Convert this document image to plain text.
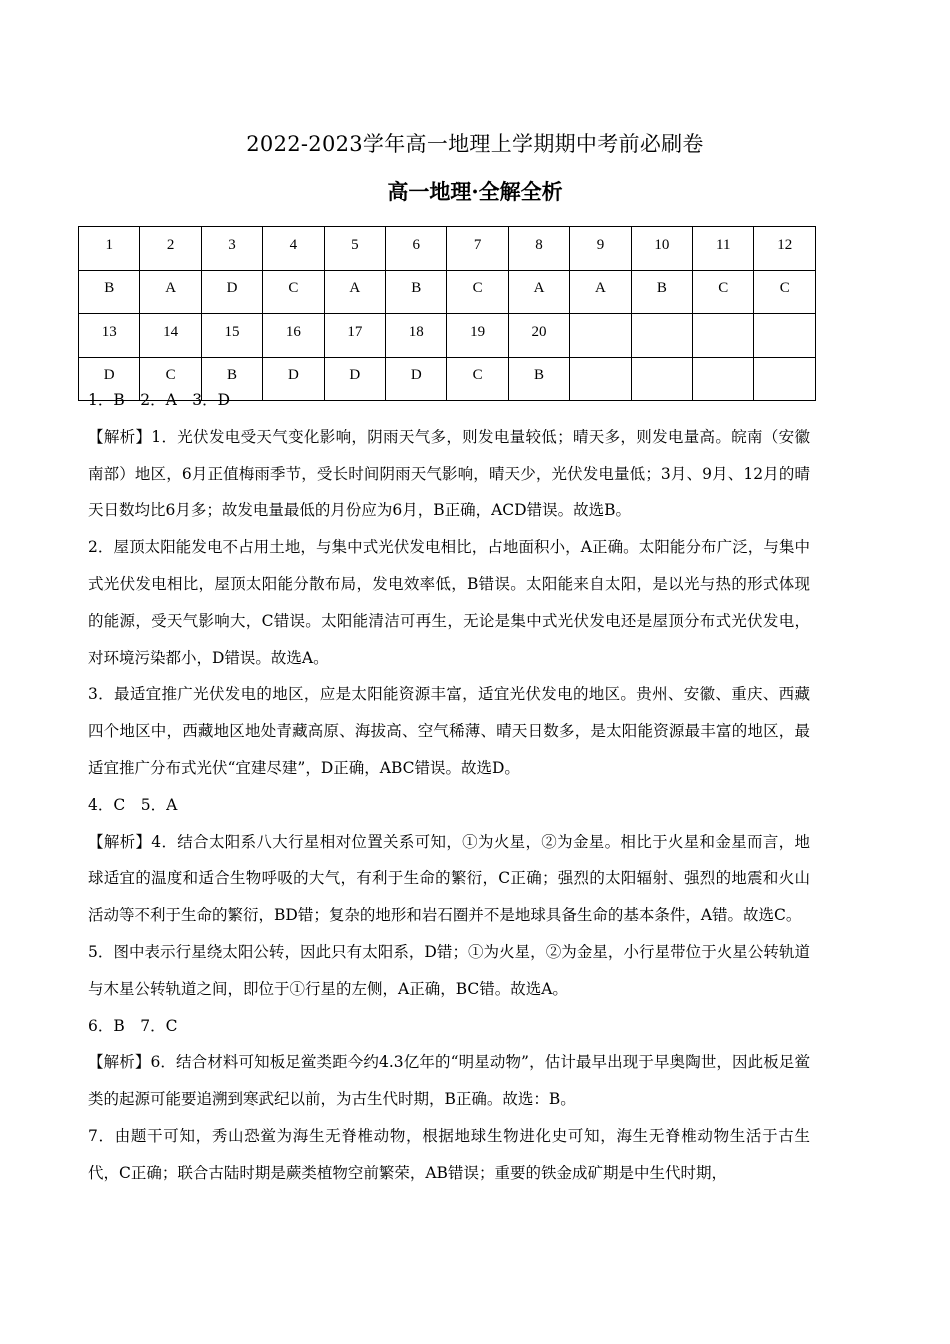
2022-2023学年高一地理上学期期中考前必刷卷
高一地理·全解全析
1	2	3	4	5	6	7	8	9	10	11	12
B	A	D	C	A	B	C	A	A	B	C	C
13	14	15	16	17	18	19	20				
D	C	B	D	D	D	C	B				

1．B　2．A　3．D

【解析】1．光伏发电受天气变化影响，阴雨天气多，则发电量较低；晴天多，则发电量高。皖南（安徽南部）地区，6月正值梅雨季节，受长时间阴雨天气影响，晴天少，光伏发电量低；3月、9月、12月的晴天日数均比6月多；故发电量最低的月份应为6月，B正确，ACD错误。故选B。

2．屋顶太阳能发电不占用土地，与集中式光伏发电相比，占地面积小，A正确。太阳能分布广泛，与集中式光伏发电相比，屋顶太阳能分散布局，发电效率低，B错误。太阳能来自太阳，是以光与热的形式体现的能源，受天气影响大，C错误。太阳能清洁可再生，无论是集中式光伏发电还是屋顶分布式光伏发电，对环境污染都小，D错误。故选A。

3．最适宜推广光伏发电的地区，应是太阳能资源丰富，适宜光伏发电的地区。贵州、安徽、重庆、西藏四个地区中，西藏地区地处青藏高原、海拔高、空气稀薄、晴天日数多，是太阳能资源最丰富的地区，最适宜推广分布式光伏“宜建尽建”，D正确，ABC错误。故选D。

4．C　5．A

【解析】4．结合太阳系八大行星相对位置关系可知，①为火星，②为金星。相比于火星和金星而言，地球适宜的温度和适合生物呼吸的大气，有利于生命的繁衍，C正确；强烈的太阳辐射、强烈的地震和火山活动等不利于生命的繁衍，BD错；复杂的地形和岩石圈并不是地球具备生命的基本条件，A错。故选C。

5．图中表示行星绕太阳公转，因此只有太阳系，D错；①为火星，②为金星，小行星带位于火星公转轨道与木星公转轨道之间，即位于①行星的左侧，A正确，BC错。故选A。

6．B　7．C

【解析】6．结合材料可知板足鲎类距今约4.3亿年的“明星动物”，估计最早出现于早奥陶世，因此板足鲎类的起源可能要追溯到寒武纪以前，为古生代时期，B正确。故选：B。

7．由题干可知，秀山恐鲎为海生无脊椎动物，根据地球生物进化史可知，海生无脊椎动物生活于古生代，C正确；联合古陆时期是蕨类植物空前繁荣，AB错误；重要的铁金成矿期是中生代时期，
